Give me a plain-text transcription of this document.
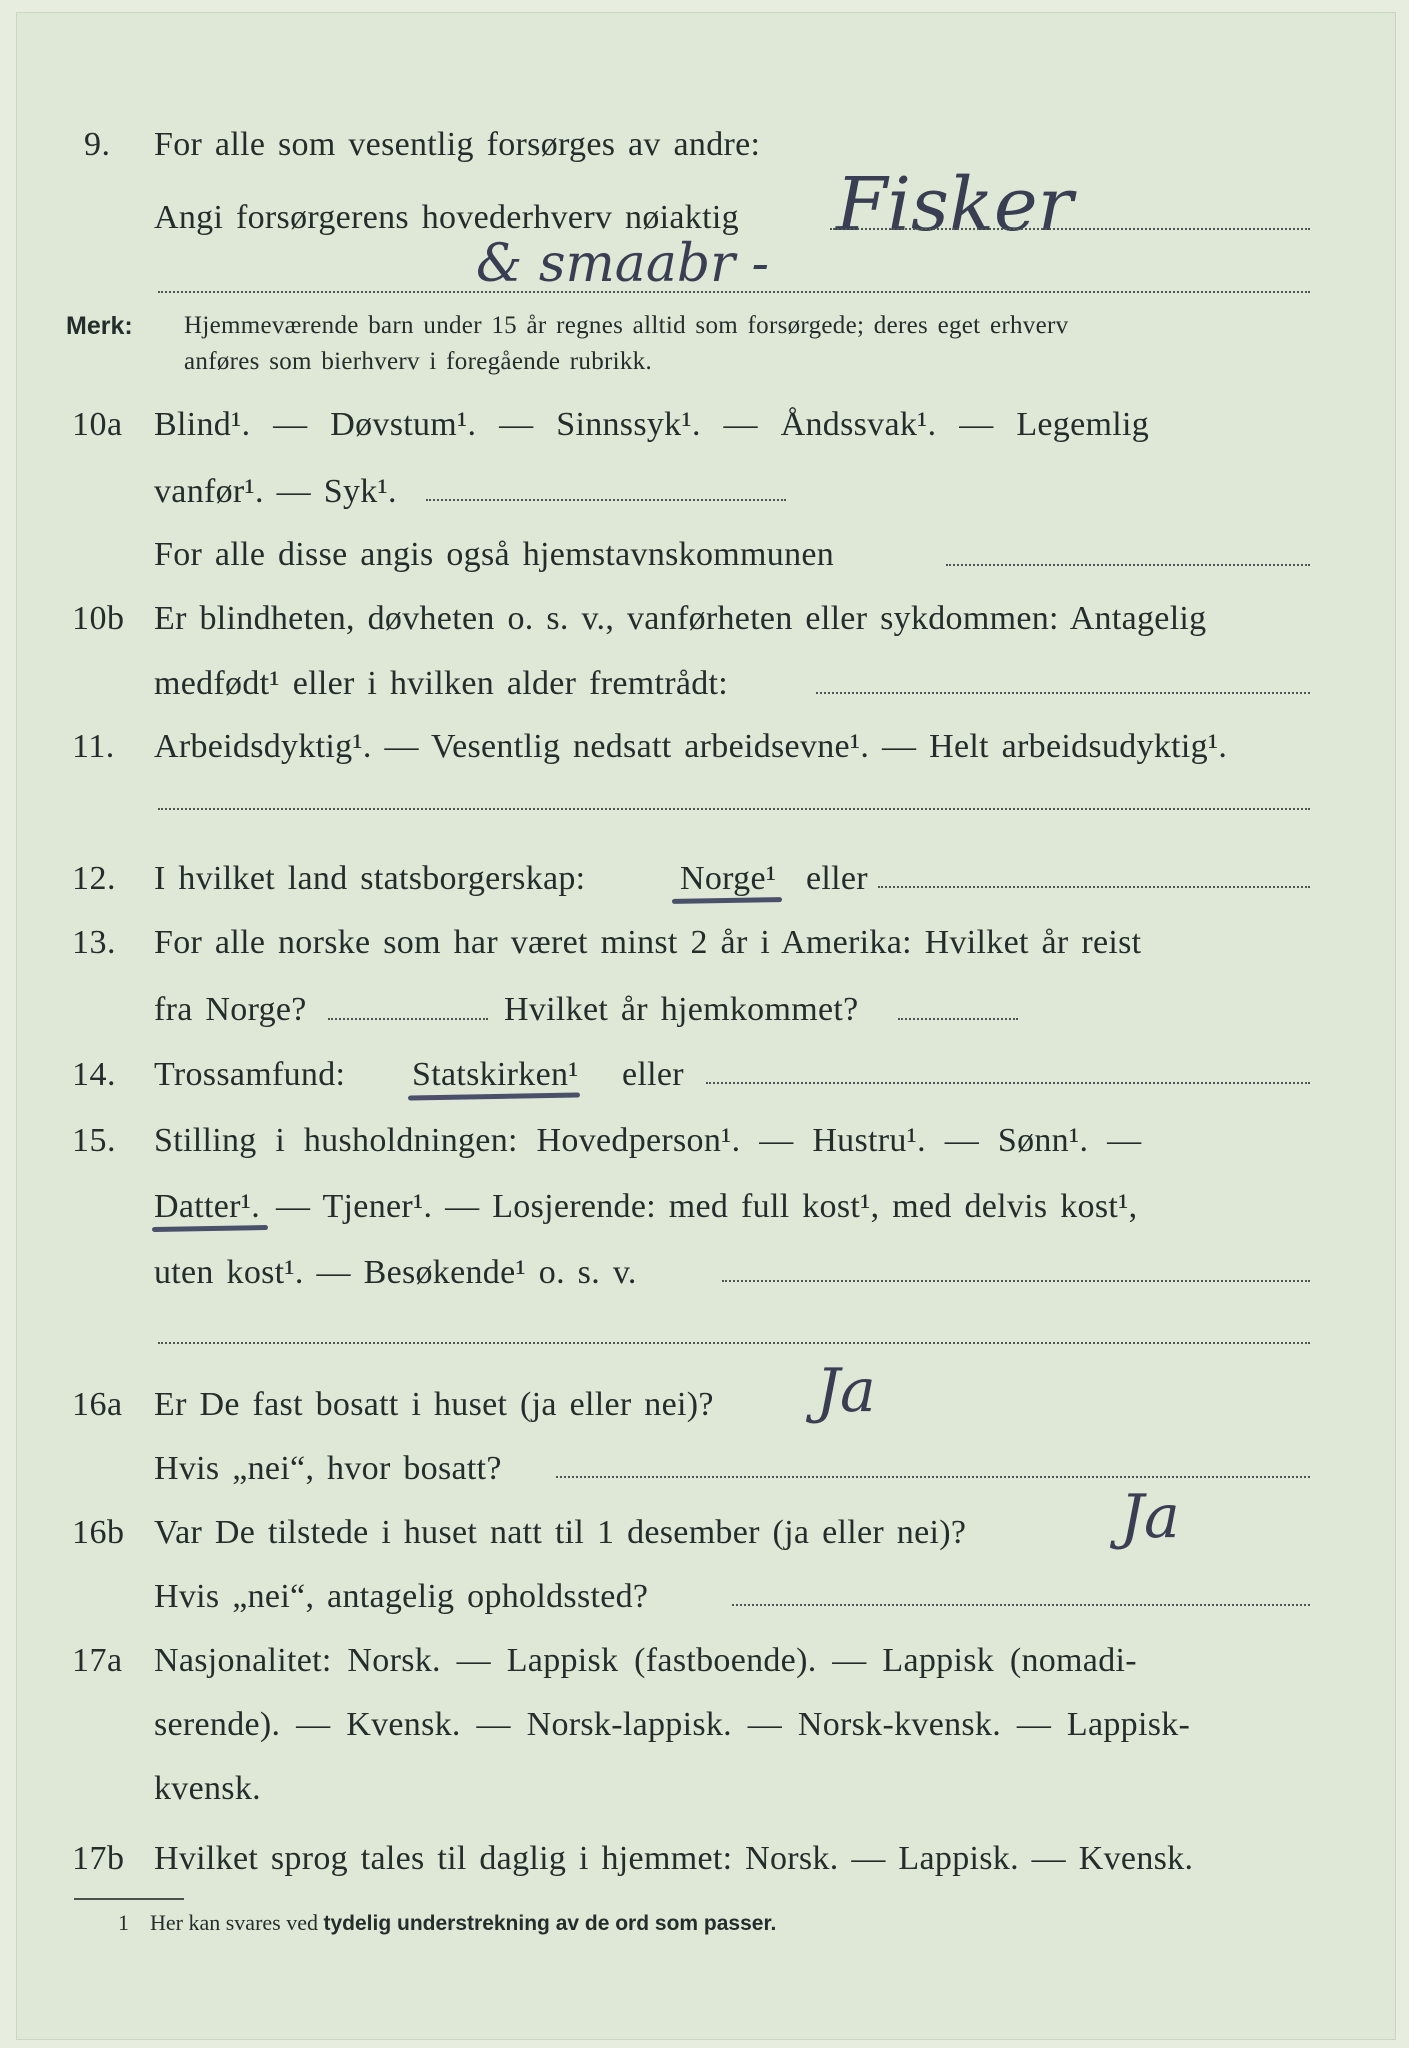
9. For alle som vesentlig forsørges av andre:
Fisker
Angi forsørgerens hovederhverv nøiaktig
& smaabr -
Merk: Hjemmeværende barn under 15 år regnes alltid som forsørgede; deres eget erhverv
anføres som bierhverv i foregående rubrikk.
10a Blind¹. — Døvstum¹. — Sinnssyk¹. — Åndssvak¹. — Legemlig
vanfør¹. — Syk¹.
For alle disse angis også hjemstavnskommunen
10b Er blindheten, døvheten o. s. v., vanførheten eller sykdommen: Antagelig
medfødt¹ eller i hvilken alder fremtrådt:
11. Arbeidsdyktig¹. — Vesentlig nedsatt arbeidsevne¹. — Helt arbeidsudyktig¹.
12. I hvilket land statsborgerskap:	Norge¹ eller
13. For alle norske som har været minst 2 år i Amerika: Hvilket år reist
fra Norge?	Hvilket år hjemkommet?
14. Trossamfund: Statskirken¹ eller
15. Stilling i husholdningen: Hovedperson¹. — Hustru¹. — Sønn¹. —
Datter¹. — Tjener¹. — Losjerende: med full kost¹, med delvis kost¹,
uten kost¹. — Besøkende¹ o. s. v.
16a Er De fast bosatt i huset (ja eller nei)? Ja
Hvis „nei“, hvor bosatt?
16b Var De tilstede i huset natt til 1 desember (ja eller nei)?	Ja
Hvis „nei“, antagelig opholdssted?
17a Nasjonalitet: Norsk. — Lappisk (fastboende). — Lappisk (nomadi-
serende). — Kvensk. — Norsk-lappisk. — Norsk-kvensk. — Lappisk-
kvensk.
17b Hvilket sprog tales til daglig i hjemmet: Norsk. — Lappisk. — Kvensk.
1 Her kan svares ved tydelig understrekning av de ord som passer.
